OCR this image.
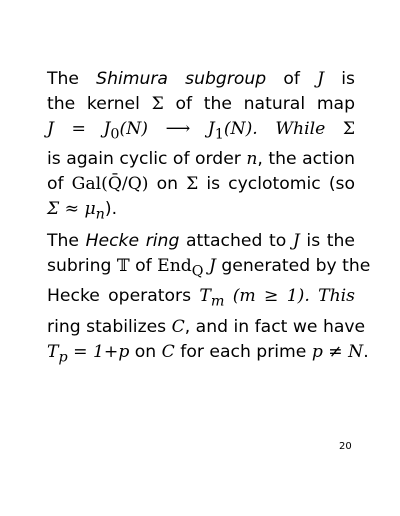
The Shimura subgroup of J is
the kernel Σ of the natural map
$J = J_0(N)$ ⟶ $J_1(N)$. While Σ
is again cyclic of order n, the action
of Gal(Q̄/Q) on Σ is cyclotomic (so
$\Sigma \approx \mu_n$).
The Hecke ring attached to J is the
subring 𝕋 of End$_Q$ J generated by the
Hecke operators $T_m$ (m ≥ 1). This
ring stabilizes C, and in fact we have
$T_p = 1+p$ on C for each prime p ≠ N.
20
